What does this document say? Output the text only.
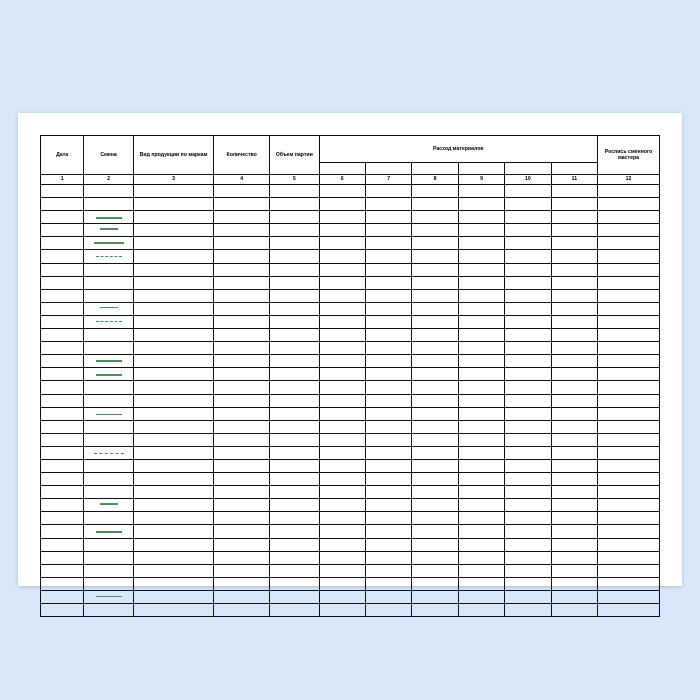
Дата	Смена	Вид продукции по маркам	Количество	Объем партии	Расход материалов						Роспись сменного мастера

1	2	3	4	5	6	7	8	9	10	11	12
